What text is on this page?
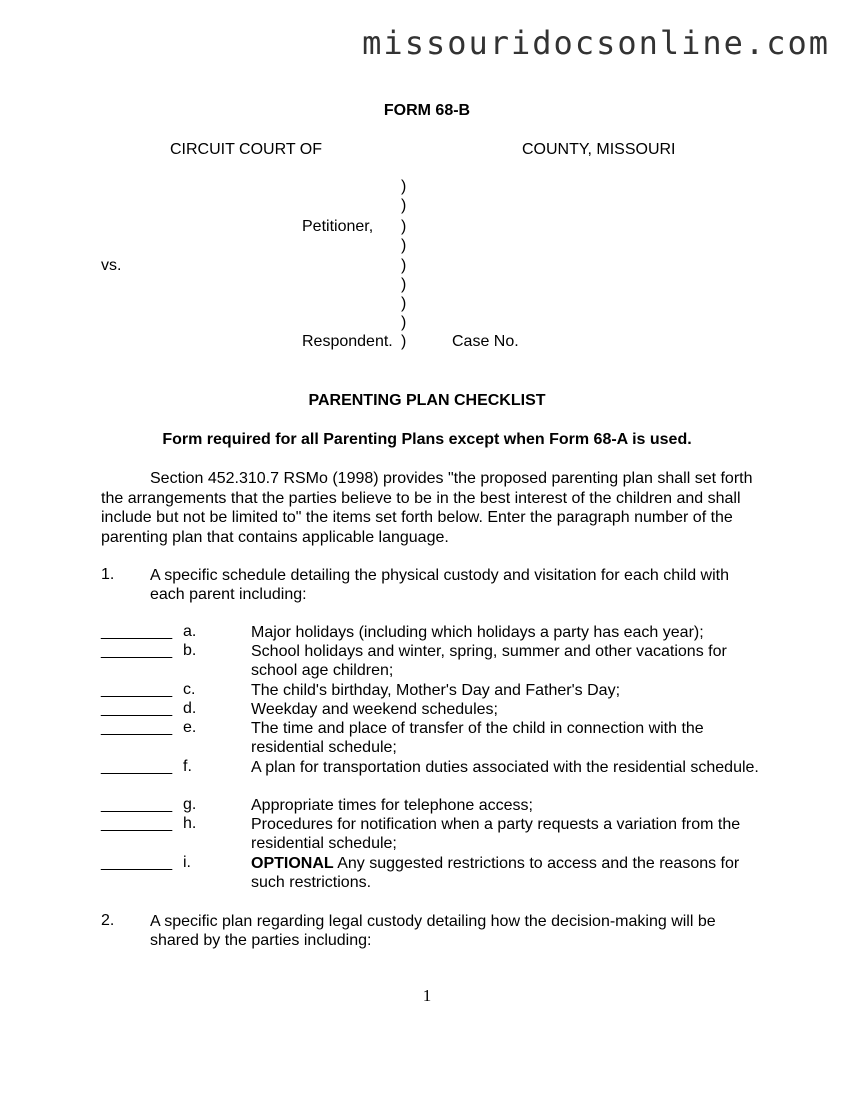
missouridocsonline.com
FORM 68-B
CIRCUIT COURT OF	COUNTY, MISSOURI
)
)
Petitioner, )
)
vs.	)
)
)
)
Respondent. )	Case No.
PARENTING PLAN CHECKLIST
Form required for all Parenting Plans except when Form 68-A is used.

Section 452.310.7 RSMo (1998) provides "the proposed parenting plan shall set forth the arrangements that the parties believe to be in the best interest of the children and shall include but not be limited to" the items set forth below. Enter the paragraph number of the parenting plan that contains applicable language.

1. A specific schedule detailing the physical custody and visitation for each child with each parent including:
________ a.	Major holidays (including which holidays a party has each year);
________ b.	School holidays and winter, spring, summer and other vacations for school age children;
________ c.	The child's birthday, Mother's Day and Father's Day;
________ d.	Weekday and weekend schedules;
________ e.	The time and place of transfer of the child in connection with the residential schedule;
________ f.	A plan for transportation duties associated with the residential schedule.
________ g.	Appropriate times for telephone access;
________ h.	Procedures for notification when a party requests a variation from the residential schedule;
________ i.	OPTIONAL Any suggested restrictions to access and the reasons for such restrictions.
2. A specific plan regarding legal custody detailing how the decision-making will be shared by the parties including:
1
